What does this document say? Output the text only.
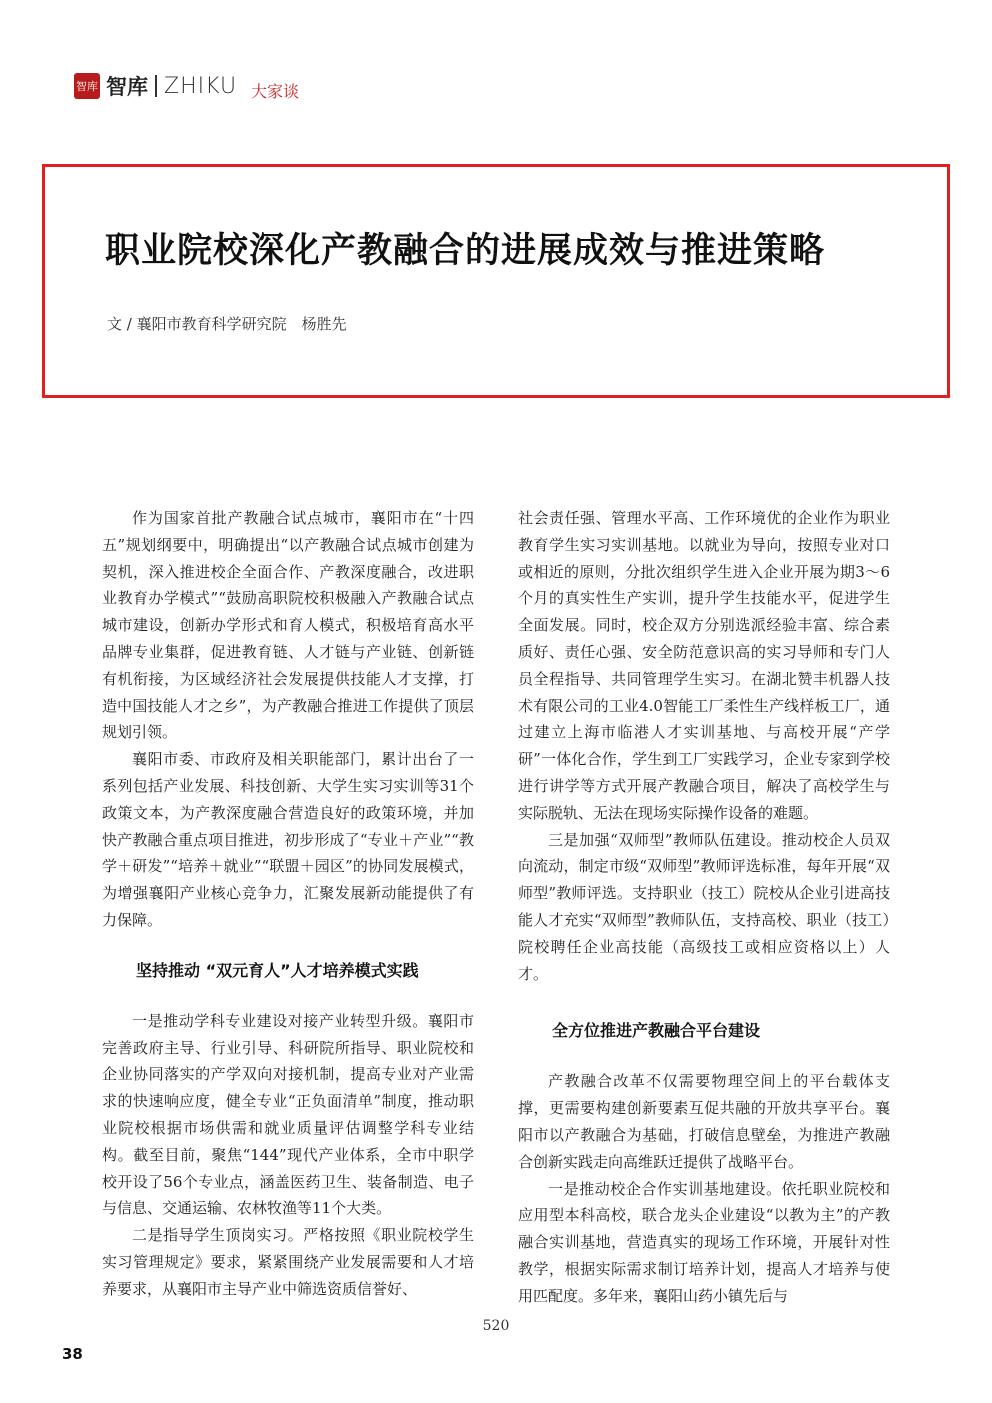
智库 智库 ZHIKU 大家谈
职业院校深化产教融合的进展成效与推进策略
文 / 襄阳市教育科学研究院　杨胜先

作为国家首批产教融合试点城市，襄阳市在“十四五”规划纲要中，明确提出“以产教融合试点城市创建为契机，深入推进校企全面合作、产教深度融合，改进职业教育办学模式”“鼓励高职院校积极融入产教融合试点城市建设，创新办学形式和育人模式，积极培育高水平品牌专业集群，促进教育链、人才链与产业链、创新链有机衔接，为区域经济社会发展提供技能人才支撑，打造中国技能人才之乡”，为产教融合推进工作提供了顶层规划引领。

襄阳市委、市政府及相关职能部门，累计出台了一系列包括产业发展、科技创新、大学生实习实训等31个政策文本，为产教深度融合营造良好的政策环境，并加快产教融合重点项目推进，初步形成了“专业＋产业”“教学＋研发”“培养＋就业”“联盟＋园区”的协同发展模式，为增强襄阳产业核心竞争力，汇聚发展新动能提供了有力保障。

坚持推动 “双元育人”人才培养模式实践

一是推动学科专业建设对接产业转型升级。襄阳市完善政府主导、行业引导、科研院所指导、职业院校和企业协同落实的产学双向对接机制，提高专业对产业需求的快速响应度，健全专业“正负面清单”制度，推动职业院校根据市场供需和就业质量评估调整学科专业结构。截至目前，聚焦“144”现代产业体系，全市中职学校开设了56个专业点，涵盖医药卫生、装备制造、电子与信息、交通运输、农林牧渔等11个大类。

二是指导学生顶岗实习。严格按照《职业院校学生实习管理规定》要求，紧紧围绕产业发展需要和人才培养要求，从襄阳市主导产业中筛选资质信誉好、

社会责任强、管理水平高、工作环境优的企业作为职业教育学生实习实训基地。以就业为导向，按照专业对口或相近的原则，分批次组织学生进入企业开展为期3～6个月的真实性生产实训，提升学生技能水平，促进学生全面发展。同时，校企双方分别选派经验丰富、综合素质好、责任心强、安全防范意识高的实习导师和专门人员全程指导、共同管理学生实习。在湖北赞丰机器人技术有限公司的工业4.0智能工厂柔性生产线样板工厂，通过建立上海市临港人才实训基地、与高校开展“产学研”一体化合作，学生到工厂实践学习，企业专家到学校进行讲学等方式开展产教融合项目，解决了高校学生与实际脱轨、无法在现场实际操作设备的难题。

三是加强“双师型”教师队伍建设。推动校企人员双向流动，制定市级“双师型”教师评选标准，每年开展“双师型”教师评选。支持职业（技工）院校从企业引进高技能人才充实“双师型”教师队伍，支持高校、职业（技工）院校聘任企业高技能（高级技工或相应资格以上）人才。

全方位推进产教融合平台建设

产教融合改革不仅需要物理空间上的平台载体支撑，更需要构建创新要素互促共融的开放共享平台。襄阳市以产教融合为基础，打破信息壁垒，为推进产教融合创新实践走向高维跃迁提供了战略平台。

一是推动校企合作实训基地建设。依托职业院校和应用型本科高校，联合龙头企业建设“以教为主”的产教融合实训基地，营造真实的现场工作环境，开展针对性教学，根据实际需求制订培养计划，提高人才培养与使用匹配度。多年来，襄阳山药小镇先后与

520
38
